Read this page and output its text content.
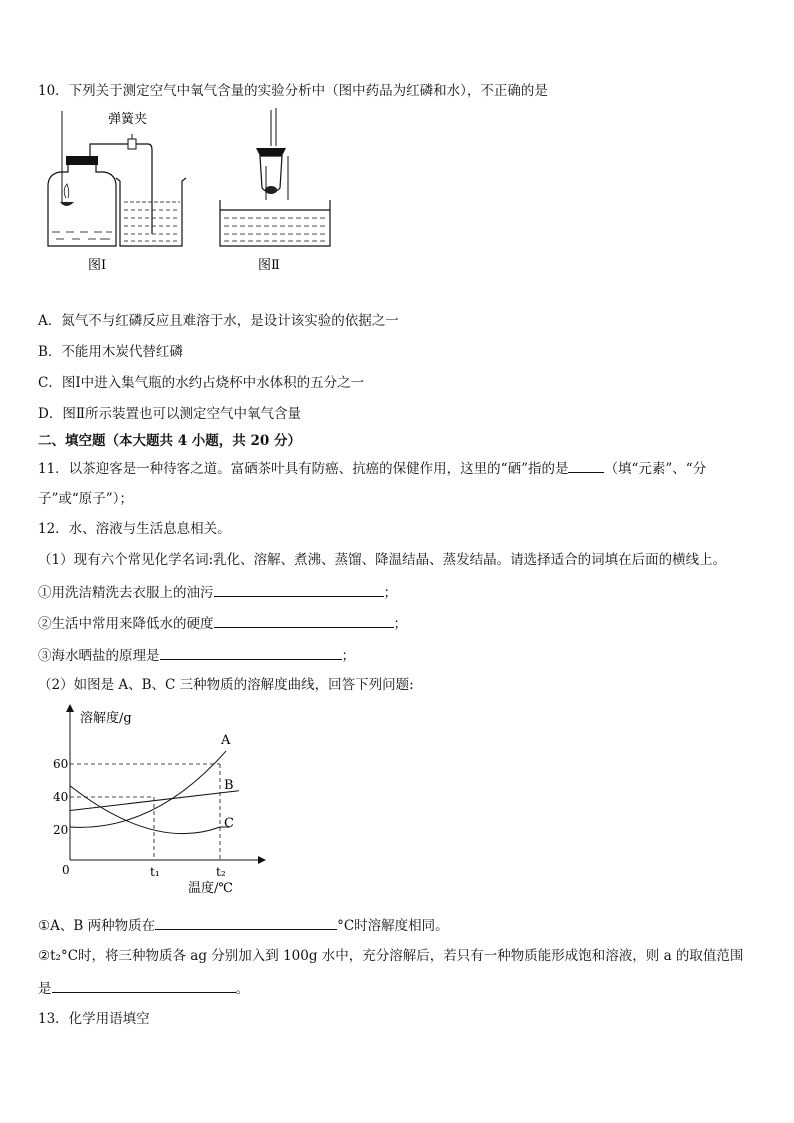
10．下列关于测定空气中氧气含量的实验分析中（图中药品为红磷和水），不正确的是
弹簧夹
图Ⅰ	图Ⅱ
A．氮气不与红磷反应且难溶于水，是设计该实验的依据之一
B．不能用木炭代替红磷
C．图Ⅰ中进入集气瓶的水约占烧杯中水体积的五分之一
D．图Ⅱ所示装置也可以测定空气中氧气含量
二、填空题（本大题共 4 小题，共 20 分）
11．以茶迎客是一种待客之道。富硒茶叶具有防癌、抗癌的保健作用，这里的“硒”指的是	（填“元素”、“分
子”或“原子”）；
12．水、溶液与生活息息相关。
（1）现有六个常见化学名词:乳化、溶解、煮沸、蒸馏、降温结晶、蒸发结晶。请选择适合的词填在后面的横线上。
①用洗洁精洗去衣服上的油污	；
②生活中常用来降低水的硬度	；
③海水晒盐的原理是	；
（2）如图是 A、B、C 三种物质的溶解度曲线，回答下列问题:
溶解度/g
温度/℃
0
20
40
60
t₁	t₂
A
B
C
①A、B 两种物质在	°C时溶解度相同。
②t₂°C时，将三种物质各 ag 分别加入到 100g 水中，充分溶解后，若只有一种物质能形成饱和溶液，则 a 的取值范围
是	。
13．化学用语填空
